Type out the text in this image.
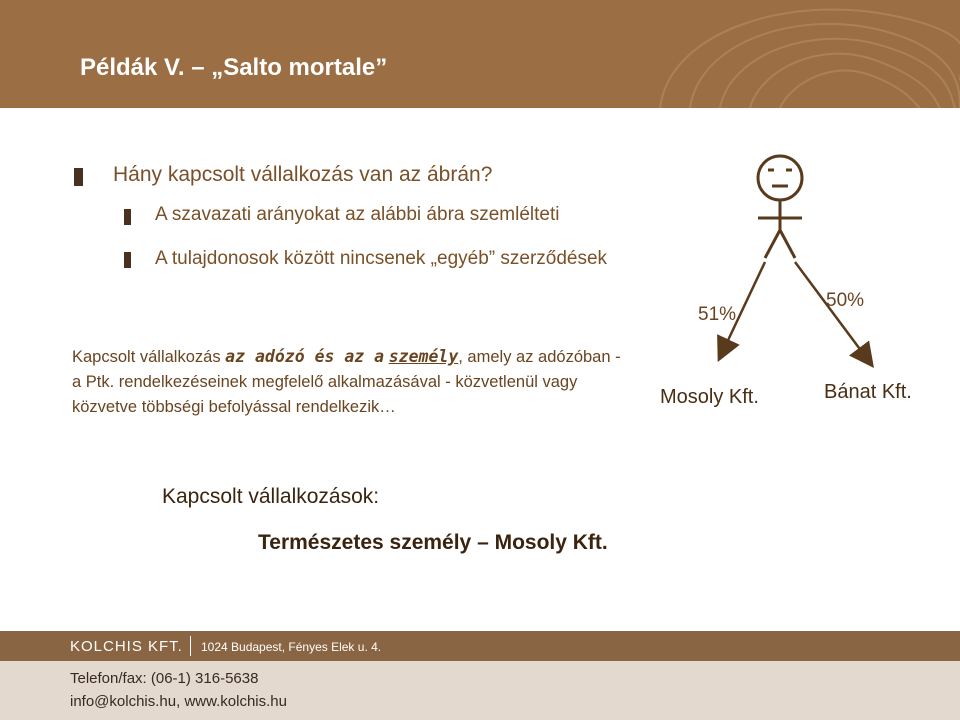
Példák V. – „Salto mortale”
Hány kapcsolt vállalkozás van az ábrán?
A szavazati arányokat az alábbi ábra szemlélteti
A tulajdonosok között nincsenek „egyéb” szerződések
Kapcsolt vállalkozás az adózó és az a személy, amely az adózóban - a Ptk. rendelkezéseinek megfelelő alkalmazásával - közvetlenül vagy közvetve többségi befolyással rendelkezik…
51%
50%
Mosoly Kft.	Bánat Kft.
Kapcsolt vállalkozások:
Természetes személy – Mosoly Kft.
KOLCHIS KFT. 1024 Budapest, Fényes Elek u. 4.
Telefon/fax: (06-1) 316-5638
info@kolchis.hu, www.kolchis.hu
